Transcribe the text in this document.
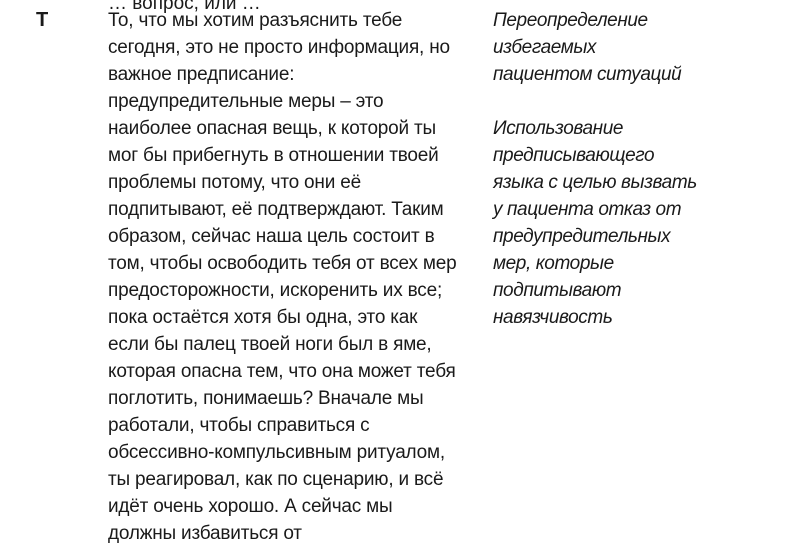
… вопрос, или …
T	То, что мы хотим разъяснить тебе
сегодня, это не просто информация, но
важное предписание:
предупредительные меры – это
наиболее опасная вещь, к которой ты
мог бы прибегнуть в отношении твоей
проблемы потому, что они её
подпитывают, её подтверждают. Таким
образом, сейчас наша цель состоит в
том, чтобы освободить тебя от всех мер
предосторожности, искоренить их все;
пока остаётся хотя бы одна, это как
если бы палец твоей ноги был в яме,
которая опасна тем, что она может тебя
поглотить, понимаешь? Вначале мы
работали, чтобы справиться с
обсессивно-компульсивным ритуалом,
ты реагировал, как по сценарию, и всё
идёт очень хорошо. А сейчас мы
должны избавиться от
Переопределение
избегаемых
пациентом ситуаций
Использование
предписывающего
языка с целью вызвать
у пациента отказ от
предупредительных
мер, которые
подпитывают
навязчивость
